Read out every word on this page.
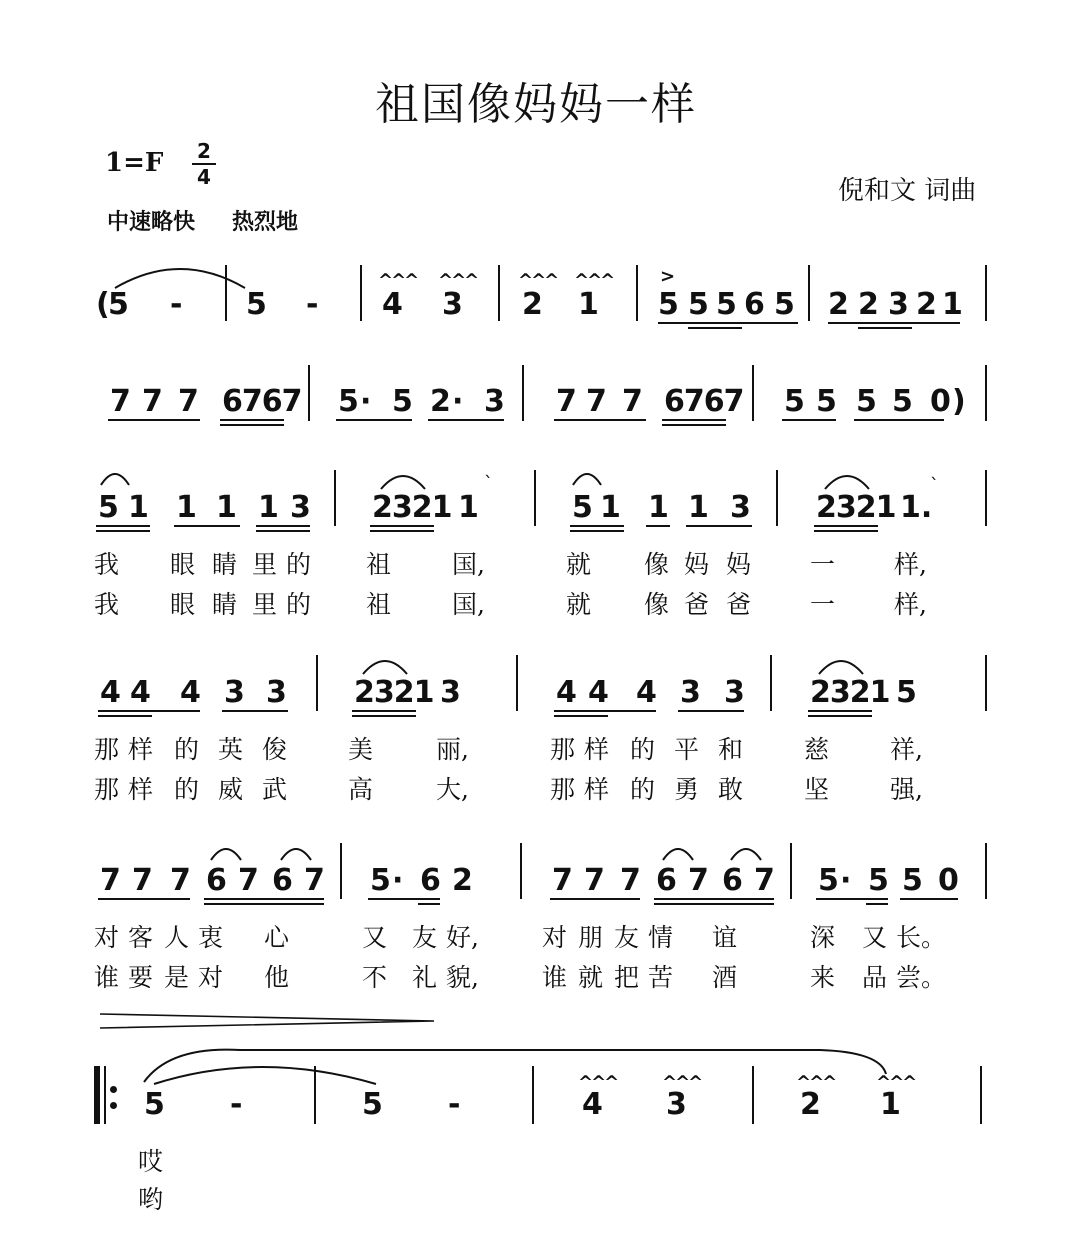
祖国像妈妈一样
1=F 2
4
中速略快 热烈地
倪和文 词曲
(
5 - 5 -
^^^
4
^^^
3
^^^
2
^^^
1
>
5 5 5 6 5 2 2 3 2 1
7 7 7 6767 5 · 5 2 · 3 7 7 7 6767 5 5 5 5 0 )
5 1 1 1 1 3 2321 1
ˋ
5 1 1 1 3 2321 1.
ˋ
我 眼 睛 里 的 祖 国,	就 像 妈 妈 一 样,
我 眼 睛 里 的 祖 国,	就 像 爸 爸 一 样,
4 4 4 3 3 2321 3	4 4 4 3 3 2321 5
那 样 的 英 俊 美	丽,	那 样 的 平 和 慈 祥,
那 样 的 威 武 高	大,	那 样 的 勇 敢 坚 强,
7 7 7 6 7 6 7 5 · 6 2	7 7 7 6 7 6 7 5 · 5 5 0
对 客 人 衷 心	又 友 好,	对 朋 友 情 谊	深 又 长。
谁 要 是 对 他	不 礼 貌,	谁 就 把 苦 酒	来 品 尝。
5 -	5 -
^^^
4
^^^
3
^^^
2
^^^
1
哎
哟
